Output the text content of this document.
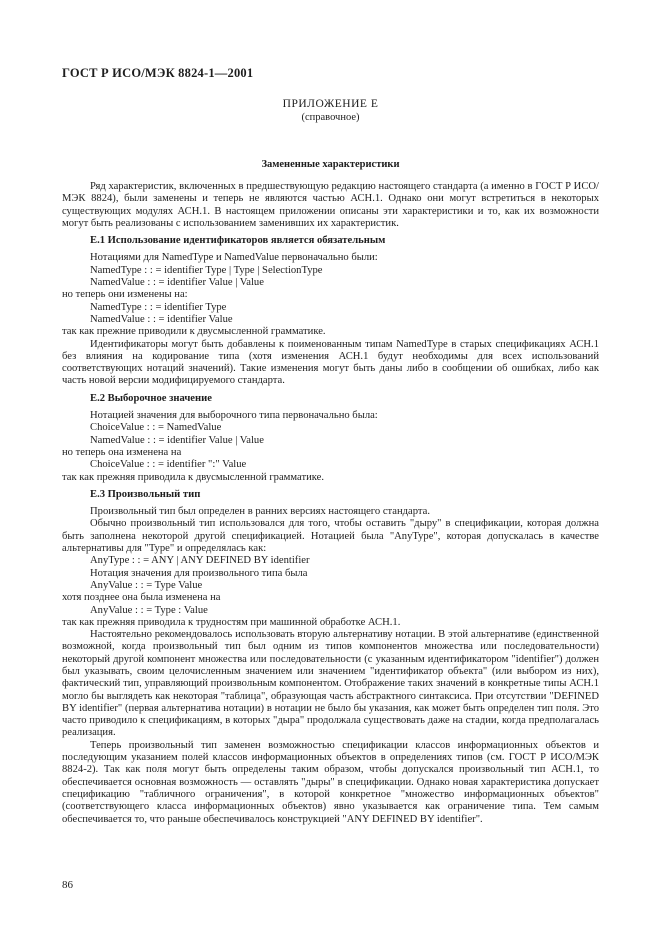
ГОСТ Р ИСО/МЭК 8824-1—2001
ПРИЛОЖЕНИЕ Е
(справочное)
Замененные характеристики

Ряд характеристик, включенных в предшествующую редакцию настоящего стандарта (а именно в ГОСТ Р ИСО/МЭК 8824), были заменены и теперь не являются частью АСН.1. Однако они могут встретиться в некоторых существующих модулях АСН.1. В настоящем приложении описаны эти характеристики и то, как их возможности могут быть реализованы с использованием заменивших их характеристик.

Е.1 Использование идентификаторов является обязательным

Нотациями для NamedType и NamedValue первоначально были:

NamedType : : = identifier Type | Type | SelectionType

NamedValue : : = identifier Value | Value

но теперь они изменены на:

NamedType : : = identifier Type

NamedValue : : = identifier Value

так как прежние приводили к двусмысленной грамматике.

Идентификаторы могут быть добавлены к поименованным типам NamedType в старых спецификациях АСН.1 без влияния на кодирование типа (хотя изменения АСН.1 будут необходимы для всех использований соответствующих нотаций значений). Такие изменения могут быть даны либо в сообщении об ошибках, либо как часть новой версии модифицируемого стандарта.

Е.2 Выборочное значение

Нотацией значения для выборочного типа первоначально была:

ChoiceValue : : = NamedValue

NamedValue : : = identifier Value | Value

но теперь она изменена на

ChoiceValue : : = identifier ":" Value

так как прежняя приводила к двусмысленной грамматике.

Е.3 Произвольный тип

Произвольный тип был определен в ранних версиях настоящего стандарта.

Обычно произвольный тип использовался для того, чтобы оставить "дыру" в спецификации, которая должна быть заполнена некоторой другой спецификацией. Нотацией была "AnyType", которая допускалась в качестве альтернативы для "Type" и определялась как:

AnyType : : = ANY | ANY DEFINED BY identifier

Нотация значения для произвольного типа была

AnyValue : : = Type Value

хотя позднее она была изменена на

AnyValue : : = Type : Value

так как прежняя приводила к трудностям при машинной обработке АСН.1.

Настоятельно рекомендовалось использовать вторую альтернативу нотации. В этой альтернативе (единственной возможной, когда произвольный тип был одним из типов компонентов множества или последовательности) некоторый другой компонент множества или последовательности (с указанным идентификатором "identifier") должен был указывать, своим целочисленным значением или значением "идентификатор объекта" (или выбором из них), фактический тип, управляющий произвольным компонентом. Отображение таких значений в конкретные типы АСН.1 могло бы выглядеть как некоторая "таблица", образующая часть абстрактного синтаксиса. При отсутствии "DEFINED BY identifier" (первая альтернатива нотации) в нотации не было бы указания, как может быть определен тип поля. Это часто приводило к спецификациям, в которых "дыра" продолжала существовать даже на стадии, когда предполагалась реализация.

Теперь произвольный тип заменен возможностью спецификации классов информационных объектов и последующим указанием полей классов информационных объектов в определениях типов (см. ГОСТ Р ИСО/МЭК 8824-2). Так как поля могут быть определены таким образом, чтобы допускался произвольный тип АСН.1, то обеспечивается основная возможность — оставлять "дыры" в спецификации. Однако новая характеристика допускает спецификацию "табличного ограничения", в которой конкретное "множество информационных объектов" (соответствующего класса информационных объектов) явно указывается как ограничение типа. Тем самым обеспечивается то, что раньше обеспечивалось конструкцией "ANY DEFINED BY identifier".

86
